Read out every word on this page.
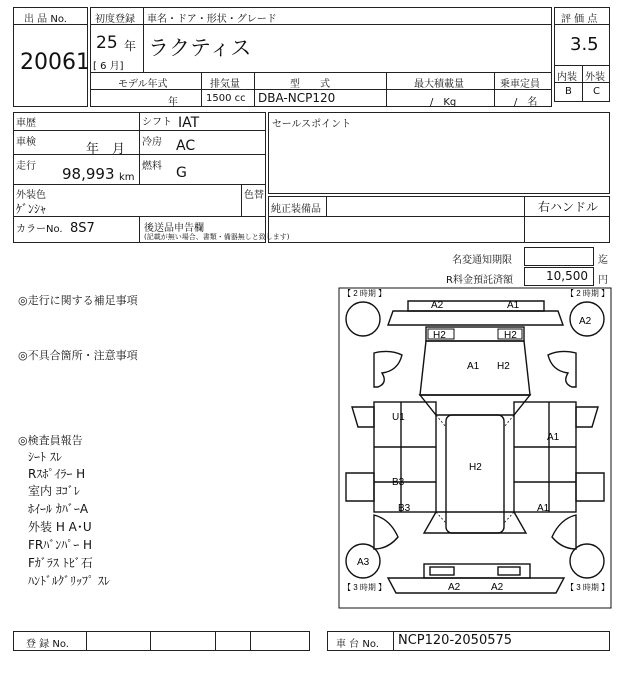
出 品 No.
20061
初度登録 車名・ドア・形状・グレード
25 年
[ 6 月]
ラクティス
モデル年式	排気量	型　　式	最大積載量	乗車定員
年	1500 cc DBA-NCP120	/　Kg	/　名
評 価 点
3.5
内装 外装
B C
車歴	シフト IAT
車検	年　月 冷房 AC
走行 98,993 km
燃料 G
外装色
ｹﾞﾝｼｬ
色替
カラーNo. 8S7	後送品申告欄
(記載が無い場合、書類・備器無しと致します)
セールスポイント
純正装備品	右ハンドル
名変通知期限	迄
R料金預託済額	10,500 円
◎走行に関する補足事項
◎不具合箇所・注意事項
◎検査員報告
ｼｰﾄ ｽﾚ
Rｽﾎﾟｲﾗｰ H
室内 ﾖｺﾞﾚ
ﾎｲｰﾙ ｶﾊﾞｰA
外装 H A･U
FRﾊﾞﾝﾊﾟｰ H
Fｶﾞﾗｽ ﾄﾋﾞ石
ﾊﾝﾄﾞﾙｸﾞﾘｯﾌﾟ ｽﾚ
【 2 時期 】	【 2 時期 】
【 3 時期 】	【 3 時期 】
A2	A1
H2	H2
A2
A1 H2
U1
A1
H2
B3
B3	A1
A3
A2	A2
登 録 No.	車 台 No. NCP120-2050575
